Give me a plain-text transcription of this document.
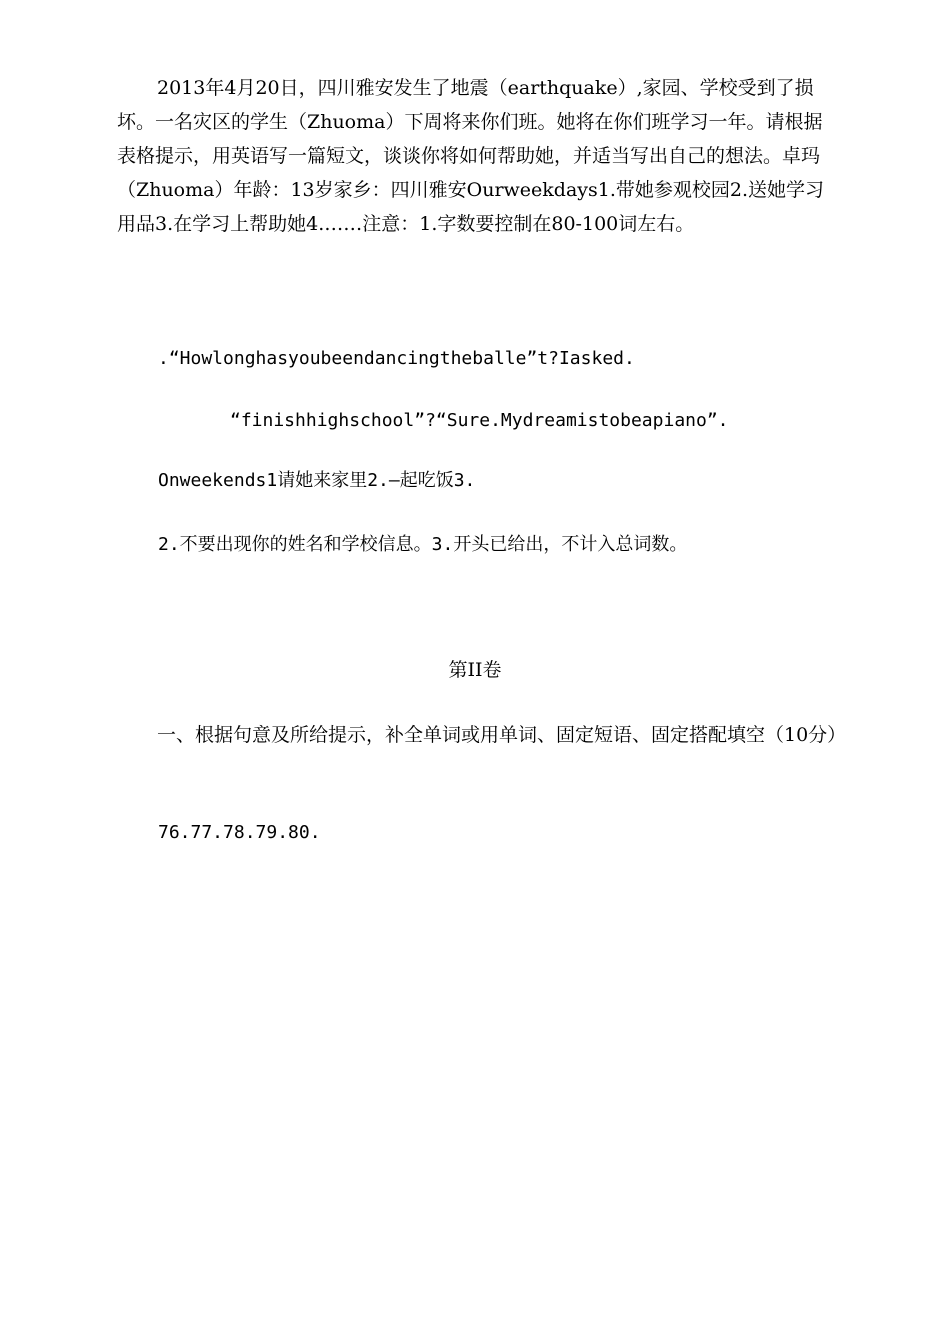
2013年4月20日，四川雅安发生了地震（earthquake）,家园、学校受到了损坏。一名灾区的学生（Zhuoma）下周将来你们班。她将在你们班学习一年。请根据表格提示，用英语写一篇短文，谈谈你将如何帮助她，并适当写出自己的想法。卓玛（Zhuoma）年龄：13岁家乡：四川雅安Ourweekdays1.带她参观校园2.送她学习用品3.在学习上帮助她4.……注意：1.字数要控制在80-100词左右。

.“Howlonghasyoubeendancingtheballe”t?Iasked.

“finishhighschool”?“Sure.Mydreamistobeapiano”.

Onweekends1请她来家里2.—起吃饭3.

2.不要出现你的姓名和学校信息。3.开头已给出，不计入总词数。

第II卷

一、根据句意及所给提示，补全单词或用单词、固定短语、固定搭配填空（10分）

76.77.78.79.80.
